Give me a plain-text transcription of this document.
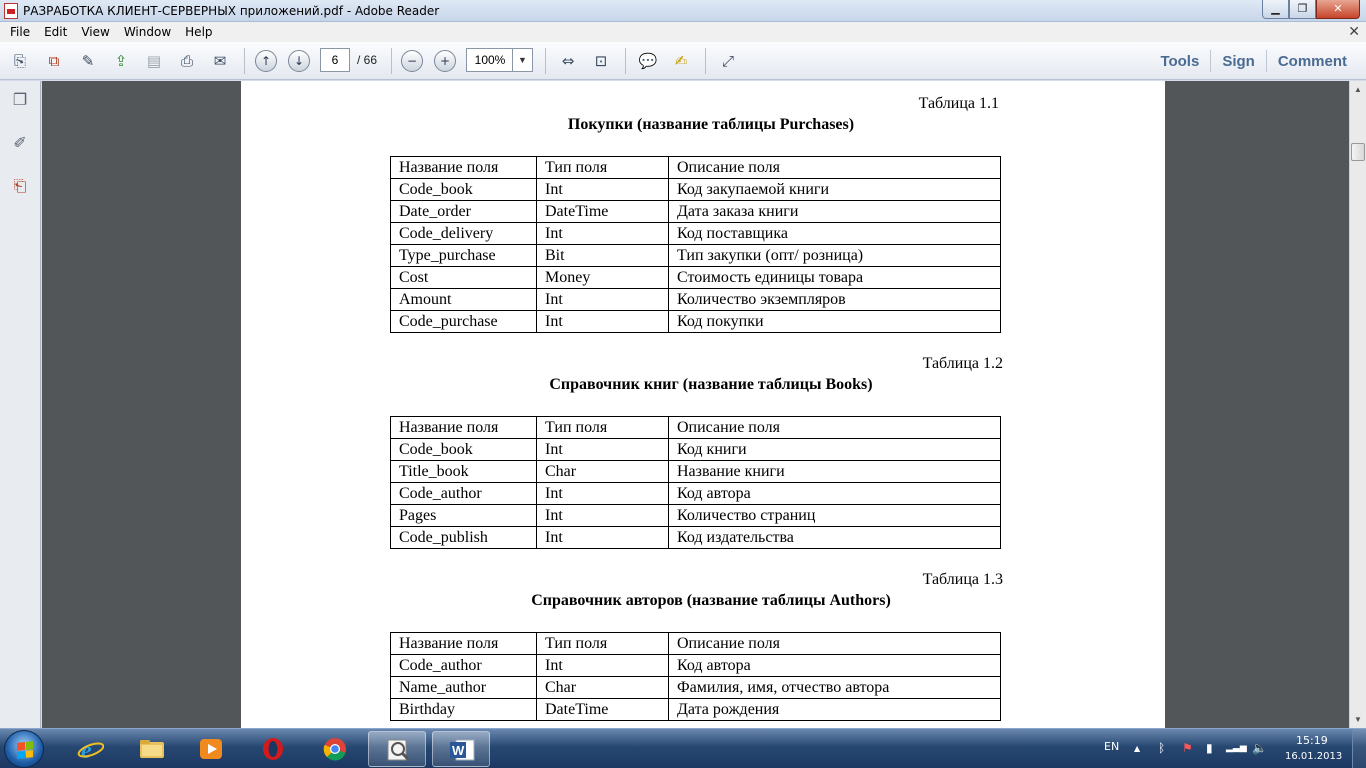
РАЗРАБОТКА КЛИЕНТ-СЕРВЕРНЫХ приложений.pdf - Adobe Reader	▁	❐	✕
File	Edit	View	Window	Help	✕
⎘	⧉	✎	⇪	▤	⎙	✉	↑	↓	−	+	⇔	⊡	💬	✍	⤢
6	/ 66	100%	▼	Tools	Sign	Comment
❐
✐
⎗
Таблица 1.1
Покупки (название таблицы Purchases)
Название поля	Тип поля	Описание поля
Code_book	Int	Код закупаемой книги
Date_order	DateTime	Дата заказа книги
Code_delivery	Int	Код поставщика
Type_purchase	Bit	Тип закупки (опт/ розница)
Cost	Money	Стоимость единицы товара
Amount	Int	Количество экземпляров
Code_purchase	Int	Код покупки
Таблица 1.2
Справочник книг (название таблицы Books)
Название поля	Тип поля	Описание поля
Code_book	Int	Код книги
Title_book	Char	Название книги
Code_author	Int	Код автора
Pages	Int	Количество страниц
Code_publish	Int	Код издательства
Таблица 1.3
Справочник авторов (название таблицы Authors)
Название поля	Тип поля	Описание поля
Code_author	Int	Код автора
Name_author	Char	Фамилия, имя, отчество автора
Birthday	DateTime	Дата рождения
▲
▼
e	W	EN ▲ ᛒ ⚑ ▮ ▂▃▅ 🔈
15:19
16.01.2013
